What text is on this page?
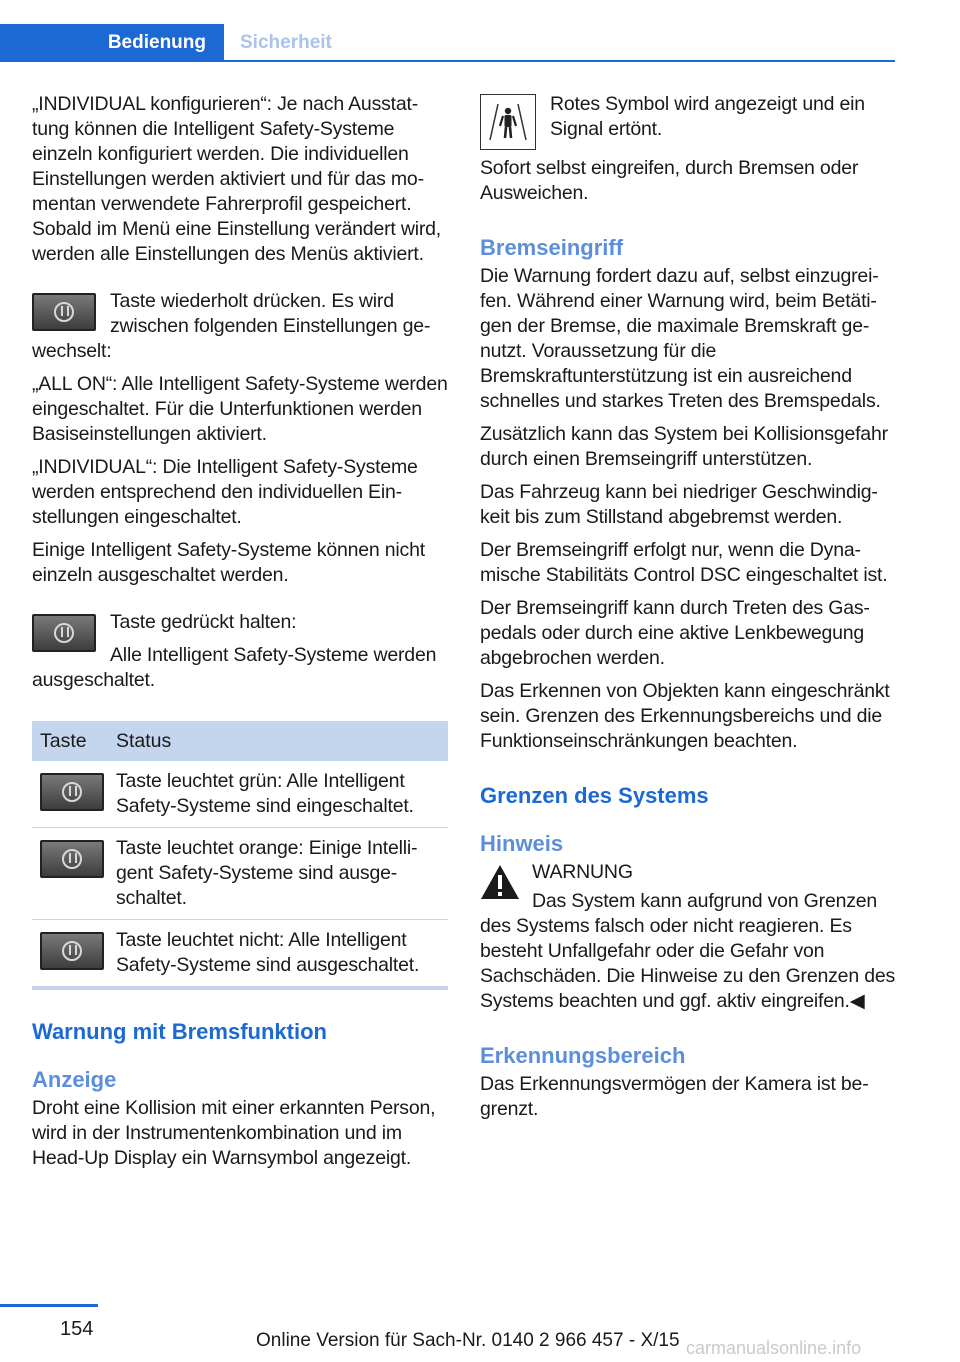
Bedienung	Sicherheit

„INDIVIDUAL konfigurieren“: Je nach Ausstattung können die Intelligent Safety-Systeme einzeln konfiguriert werden. Die individuellen Einstellungen werden aktiviert und für das momentan verwendete Fahrerprofil gespeichert. Sobald im Menü eine Einstellung verändert wird, werden alle Einstellungen des Menüs aktiviert.

Taste wiederholt drücken. Es wird zwischen folgenden Einstellungen gewechselt:

„ALL ON“: Alle Intelligent Safety-Systeme werden eingeschaltet. Für die Unterfunktionen werden Basiseinstellungen aktiviert.

„INDIVIDUAL“: Die Intelligent Safety-Systeme werden entsprechend den individuellen Einstellungen eingeschaltet.

Einige Intelligent Safety-Systeme können nicht einzeln ausgeschaltet werden.

Taste gedrückt halten:

Alle Intelligent Safety-Systeme werden ausgeschaltet.

Taste	Status

	Taste leuchtet grün: Alle Intelligent Safety-Systeme sind eingeschaltet.

	Taste leuchtet orange: Einige Intelligent Safety-Systeme sind ausgeschaltet.

	Taste leuchtet nicht: Alle Intelligent Safety-Systeme sind ausgeschaltet.
Warnung mit Bremsfunktion
Anzeige

Droht eine Kollision mit einer erkannten Person, wird in der Instrumentenkombination und im Head-Up Display ein Warnsymbol angezeigt.

Rotes Symbol wird angezeigt und ein Signal ertönt.

Sofort selbst eingreifen, durch Bremsen oder Ausweichen.

Bremseingriff

Die Warnung fordert dazu auf, selbst einzugreifen. Während einer Warnung wird, beim Betätigen der Bremse, die maximale Bremskraft genutzt. Voraussetzung für die Bremskraftunterstützung ist ein ausreichend schnelles und starkes Treten des Bremspedals.

Zusätzlich kann das System bei Kollisionsgefahr durch einen Bremseingriff unterstützen.

Das Fahrzeug kann bei niedriger Geschwindigkeit bis zum Stillstand abgebremst werden.

Der Bremseingriff erfolgt nur, wenn die Dynamische Stabilitäts Control DSC eingeschaltet ist.

Der Bremseingriff kann durch Treten des Gaspedals oder durch eine aktive Lenkbewegung abgebrochen werden.

Das Erkennen von Objekten kann eingeschränkt sein. Grenzen des Erkennungsbereichs und die Funktionseinschränkungen beachten.

Grenzen des Systems
Hinweis

WARNUNG

Das System kann aufgrund von Grenzen des Systems falsch oder nicht reagieren. Es besteht Unfallgefahr oder die Gefahr von Sachschäden. Die Hinweise zu den Grenzen des Systems beachten und ggf. aktiv eingreifen.◀

Erkennungsbereich

Das Erkennungsvermögen der Kamera ist begrenzt.

154
Online Version für Sach-Nr. 0140 2 966 457 - X/15 carmanualsonline.info
